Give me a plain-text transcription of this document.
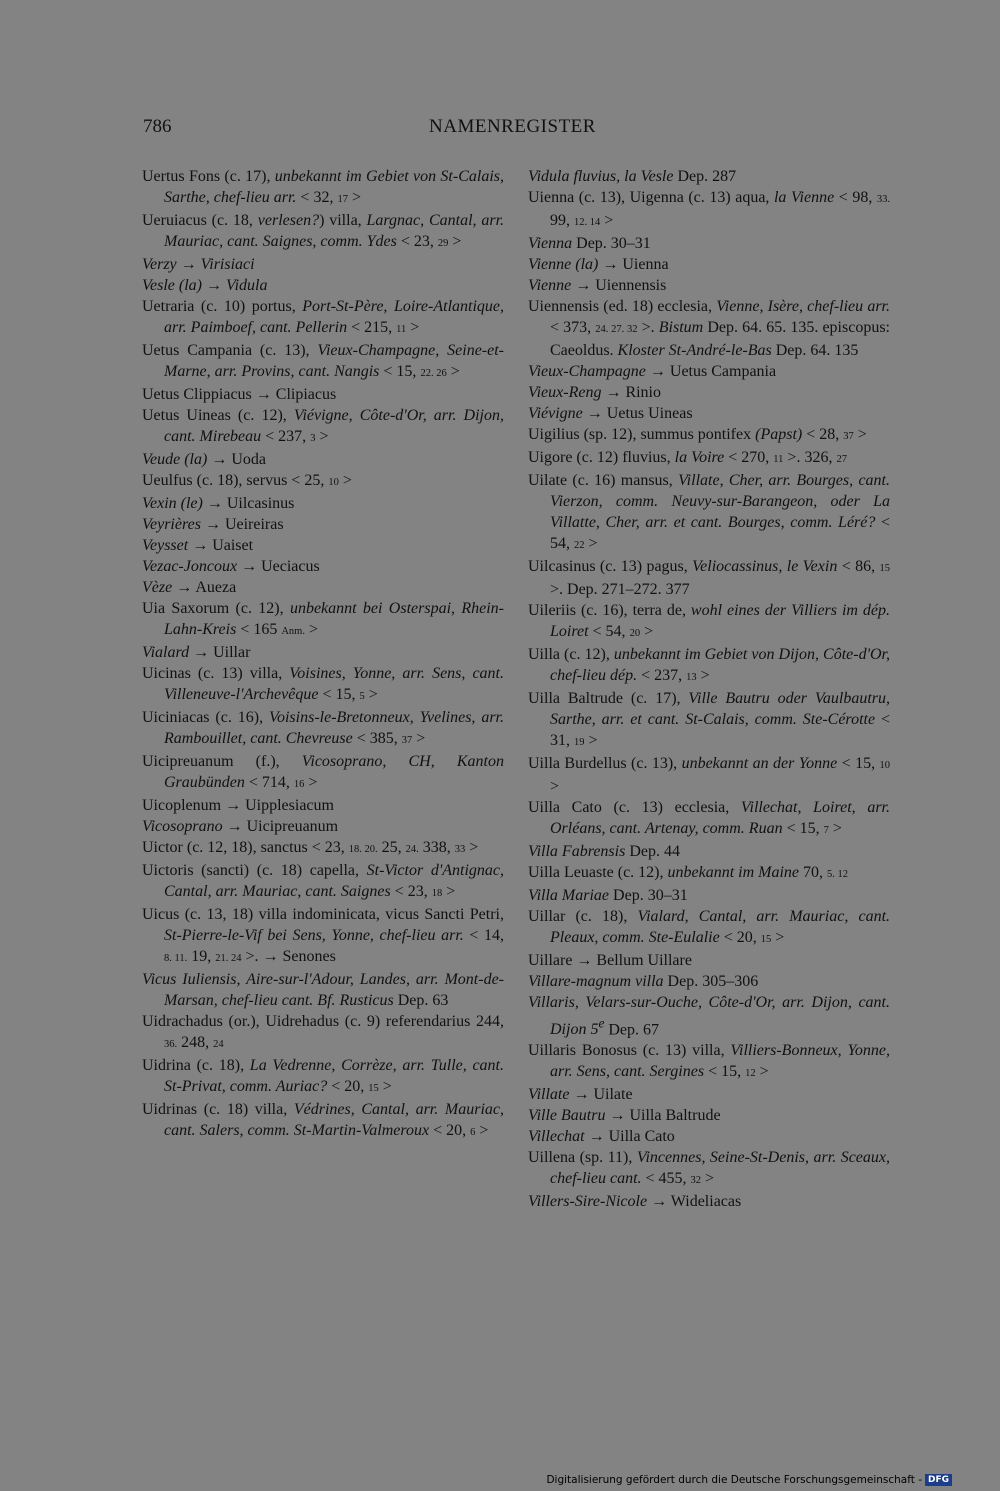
786	NAMENREGISTER

Uertus Fons (c. 17), unbekannt im Gebiet von St-Calais, Sarthe, chef-lieu arr. < 32, 17 >

Ueruiacus (c. 18, verlesen?) villa, Largnac, Cantal, arr. Mauriac, cant. Saignes, comm. Ydes < 23, 29 >

Verzy → Virisiaci

Vesle (la) → Vidula

Uetraria (c. 10) portus, Port-St-Père, Loire-Atlantique, arr. Paimboef, cant. Pellerin < 215, 11 >

Uetus Campania (c. 13), Vieux-Champagne, Seine-et-Marne, arr. Provins, cant. Nangis < 15, 22. 26 >

Uetus Clippiacus → Clipiacus

Uetus Uineas (c. 12), Viévigne, Côte-d'Or, arr. Dijon, cant. Mirebeau < 237, 3 >

Veude (la) → Uoda

Ueulfus (c. 18), servus < 25, 10 >

Vexin (le) → Uilcasinus

Veyrières → Ueireiras

Veysset → Uaiset

Vezac-Joncoux → Ueciacus

Vèze → Aueza

Uia Saxorum (c. 12), unbekannt bei Osterspai, Rhein-Lahn-Kreis < 165 Anm. >

Vialard → Uillar

Uicinas (c. 13) villa, Voisines, Yonne, arr. Sens, cant. Villeneuve-l'Archevêque < 15, 5 >

Uiciniacas (c. 16), Voisins-le-Bretonneux, Yvelines, arr. Rambouillet, cant. Chevreuse < 385, 37 >

Uicipreuanum (f.), Vicosoprano, CH, Kanton Graubünden < 714, 16 >

Uicoplenum → Uipplesiacum

Vicosoprano → Uicipreuanum

Uictor (c. 12, 18), sanctus < 23, 18. 20. 25, 24. 338, 33 >

Uictoris (sancti) (c. 18) capella, St-Victor d'Antignac, Cantal, arr. Mauriac, cant. Saignes < 23, 18 >

Uicus (c. 13, 18) villa indominicata, vicus Sancti Petri, St-Pierre-le-Vif bei Sens, Yonne, chef-lieu arr. < 14, 8. 11. 19, 21. 24 >. → Senones

Vicus Iuliensis, Aire-sur-l'Adour, Landes, arr. Mont-de-Marsan, chef-lieu cant. Bf. Rusticus Dep. 63

Uidrachadus (or.), Uidrehadus (c. 9) referendarius 244, 36. 248, 24

Uidrina (c. 18), La Vedrenne, Corrèze, arr. Tulle, cant. St-Privat, comm. Auriac? < 20, 15 >

Uidrinas (c. 18) villa, Védrines, Cantal, arr. Mauriac, cant. Salers, comm. St-Martin-Valmeroux < 20, 6 >

Vidula fluvius, la Vesle Dep. 287

Uienna (c. 13), Uigenna (c. 13) aqua, la Vienne < 98, 33. 99, 12. 14 >

Vienna Dep. 30–31

Vienne (la) → Uienna

Vienne → Uiennensis

Uiennensis (ed. 18) ecclesia, Vienne, Isère, chef-lieu arr. < 373, 24. 27. 32 >. Bistum Dep. 64. 65. 135. episcopus: Caeoldus. Kloster St-André-le-Bas Dep. 64. 135

Vieux-Champagne → Uetus Campania

Vieux-Reng → Rinio

Viévigne → Uetus Uineas

Uigilius (sp. 12), summus pontifex (Papst) < 28, 37 >

Uigore (c. 12) fluvius, la Voire < 270, 11 >. 326, 27

Uilate (c. 16) mansus, Villate, Cher, arr. Bourges, cant. Vierzon, comm. Neuvy-sur-Barangeon, oder La Villatte, Cher, arr. et cant. Bourges, comm. Léré? < 54, 22 >

Uilcasinus (c. 13) pagus, Veliocassinus, le Vexin < 86, 15 >. Dep. 271–272. 377

Uileriis (c. 16), terra de, wohl eines der Villiers im dép. Loiret < 54, 20 >

Uilla (c. 12), unbekannt im Gebiet von Dijon, Côte-d'Or, chef-lieu dép. < 237, 13 >

Uilla Baltrude (c. 17), Ville Bautru oder Vaulbautru, Sarthe, arr. et cant. St-Calais, comm. Ste-Cérotte < 31, 19 >

Uilla Burdellus (c. 13), unbekannt an der Yonne < 15, 10 >

Uilla Cato (c. 13) ecclesia, Villechat, Loiret, arr. Orléans, cant. Artenay, comm. Ruan < 15, 7 >

Villa Fabrensis Dep. 44

Uilla Leuaste (c. 12), unbekannt im Maine 70, 5. 12

Villa Mariae Dep. 30–31

Uillar (c. 18), Vialard, Cantal, arr. Mauriac, cant. Pleaux, comm. Ste-Eulalie < 20, 15 >

Uillare → Bellum Uillare

Villare-magnum villa Dep. 305–306

Villaris, Velars-sur-Ouche, Côte-d'Or, arr. Dijon, cant. Dijon 5e Dep. 67

Uillaris Bonosus (c. 13) villa, Villiers-Bonneux, Yonne, arr. Sens, cant. Sergines < 15, 12 >

Villate → Uilate

Ville Bautru → Uilla Baltrude

Villechat → Uilla Cato

Uillena (sp. 11), Vincennes, Seine-St-Denis, arr. Sceaux, chef-lieu cant. < 455, 32 >

Villers-Sire-Nicole → Wideliacas

Digitalisierung gefördert durch die Deutsche Forschungsgemeinschaft - DFG
